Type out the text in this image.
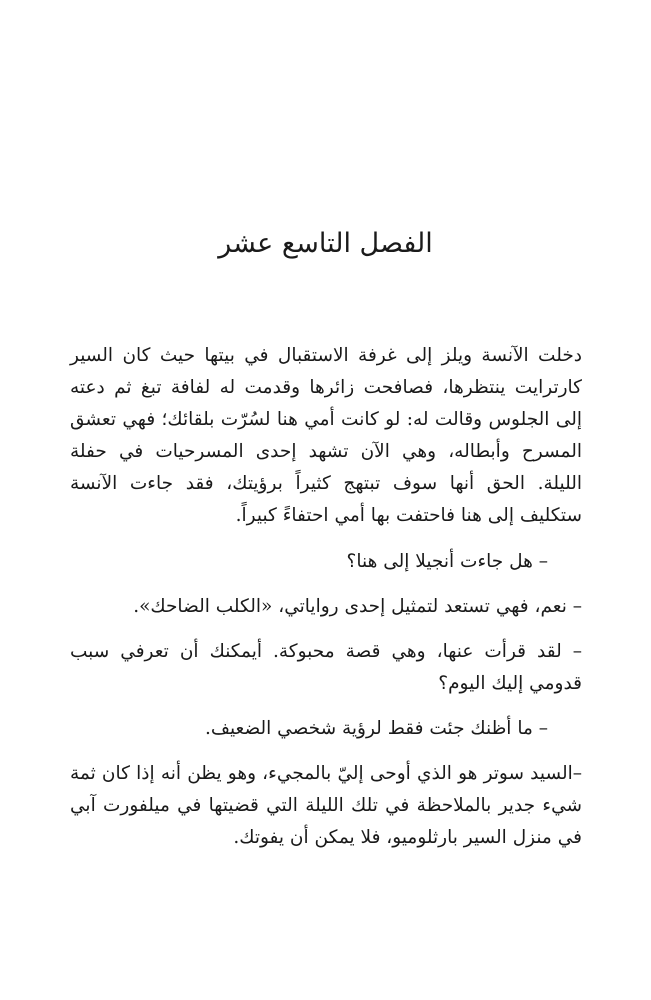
الفصل التاسع عشر

دخلت الآنسة ويلز إلى غرفة الاستقبال في بيتها حيث كان السير كارترايت ينتظرها، فصافحت زائرها وقدمت له لفافة تبغ ثم دعته إلى الجلوس وقالت له: لو كانت أمي هنا لسُرّت بلقائك؛ فهي تعشق المسرح وأبطاله، وهي الآن تشهد إحدى المسرحيات في حفلة الليلة. الحق أنها سوف تبتهج كثيراً برؤيتك، فقد جاءت الآنسة ستكليف إلى هنا فاحتفت بها أمي احتفاءً كبيراً.

– هل جاءت أنجيلا إلى هنا؟

– نعم، فهي تستعد لتمثيل إحدى رواياتي، «الكلب الضاحك».

– لقد قرأت عنها، وهي قصة محبوكة. أيمكنك أن تعرفي سبب قدومي إليك اليوم؟

– ما أظنك جئت فقط لرؤية شخصي الضعيف.

–السيد سوتر هو الذي أوحى إليّ بالمجيء، وهو يظن أنه إذا كان ثمة شيء جدير بالملاحظة في تلك الليلة التي قضيتها في ميلفورت آبي في منزل السير بارثلوميو، فلا يمكن أن يفوتك.
